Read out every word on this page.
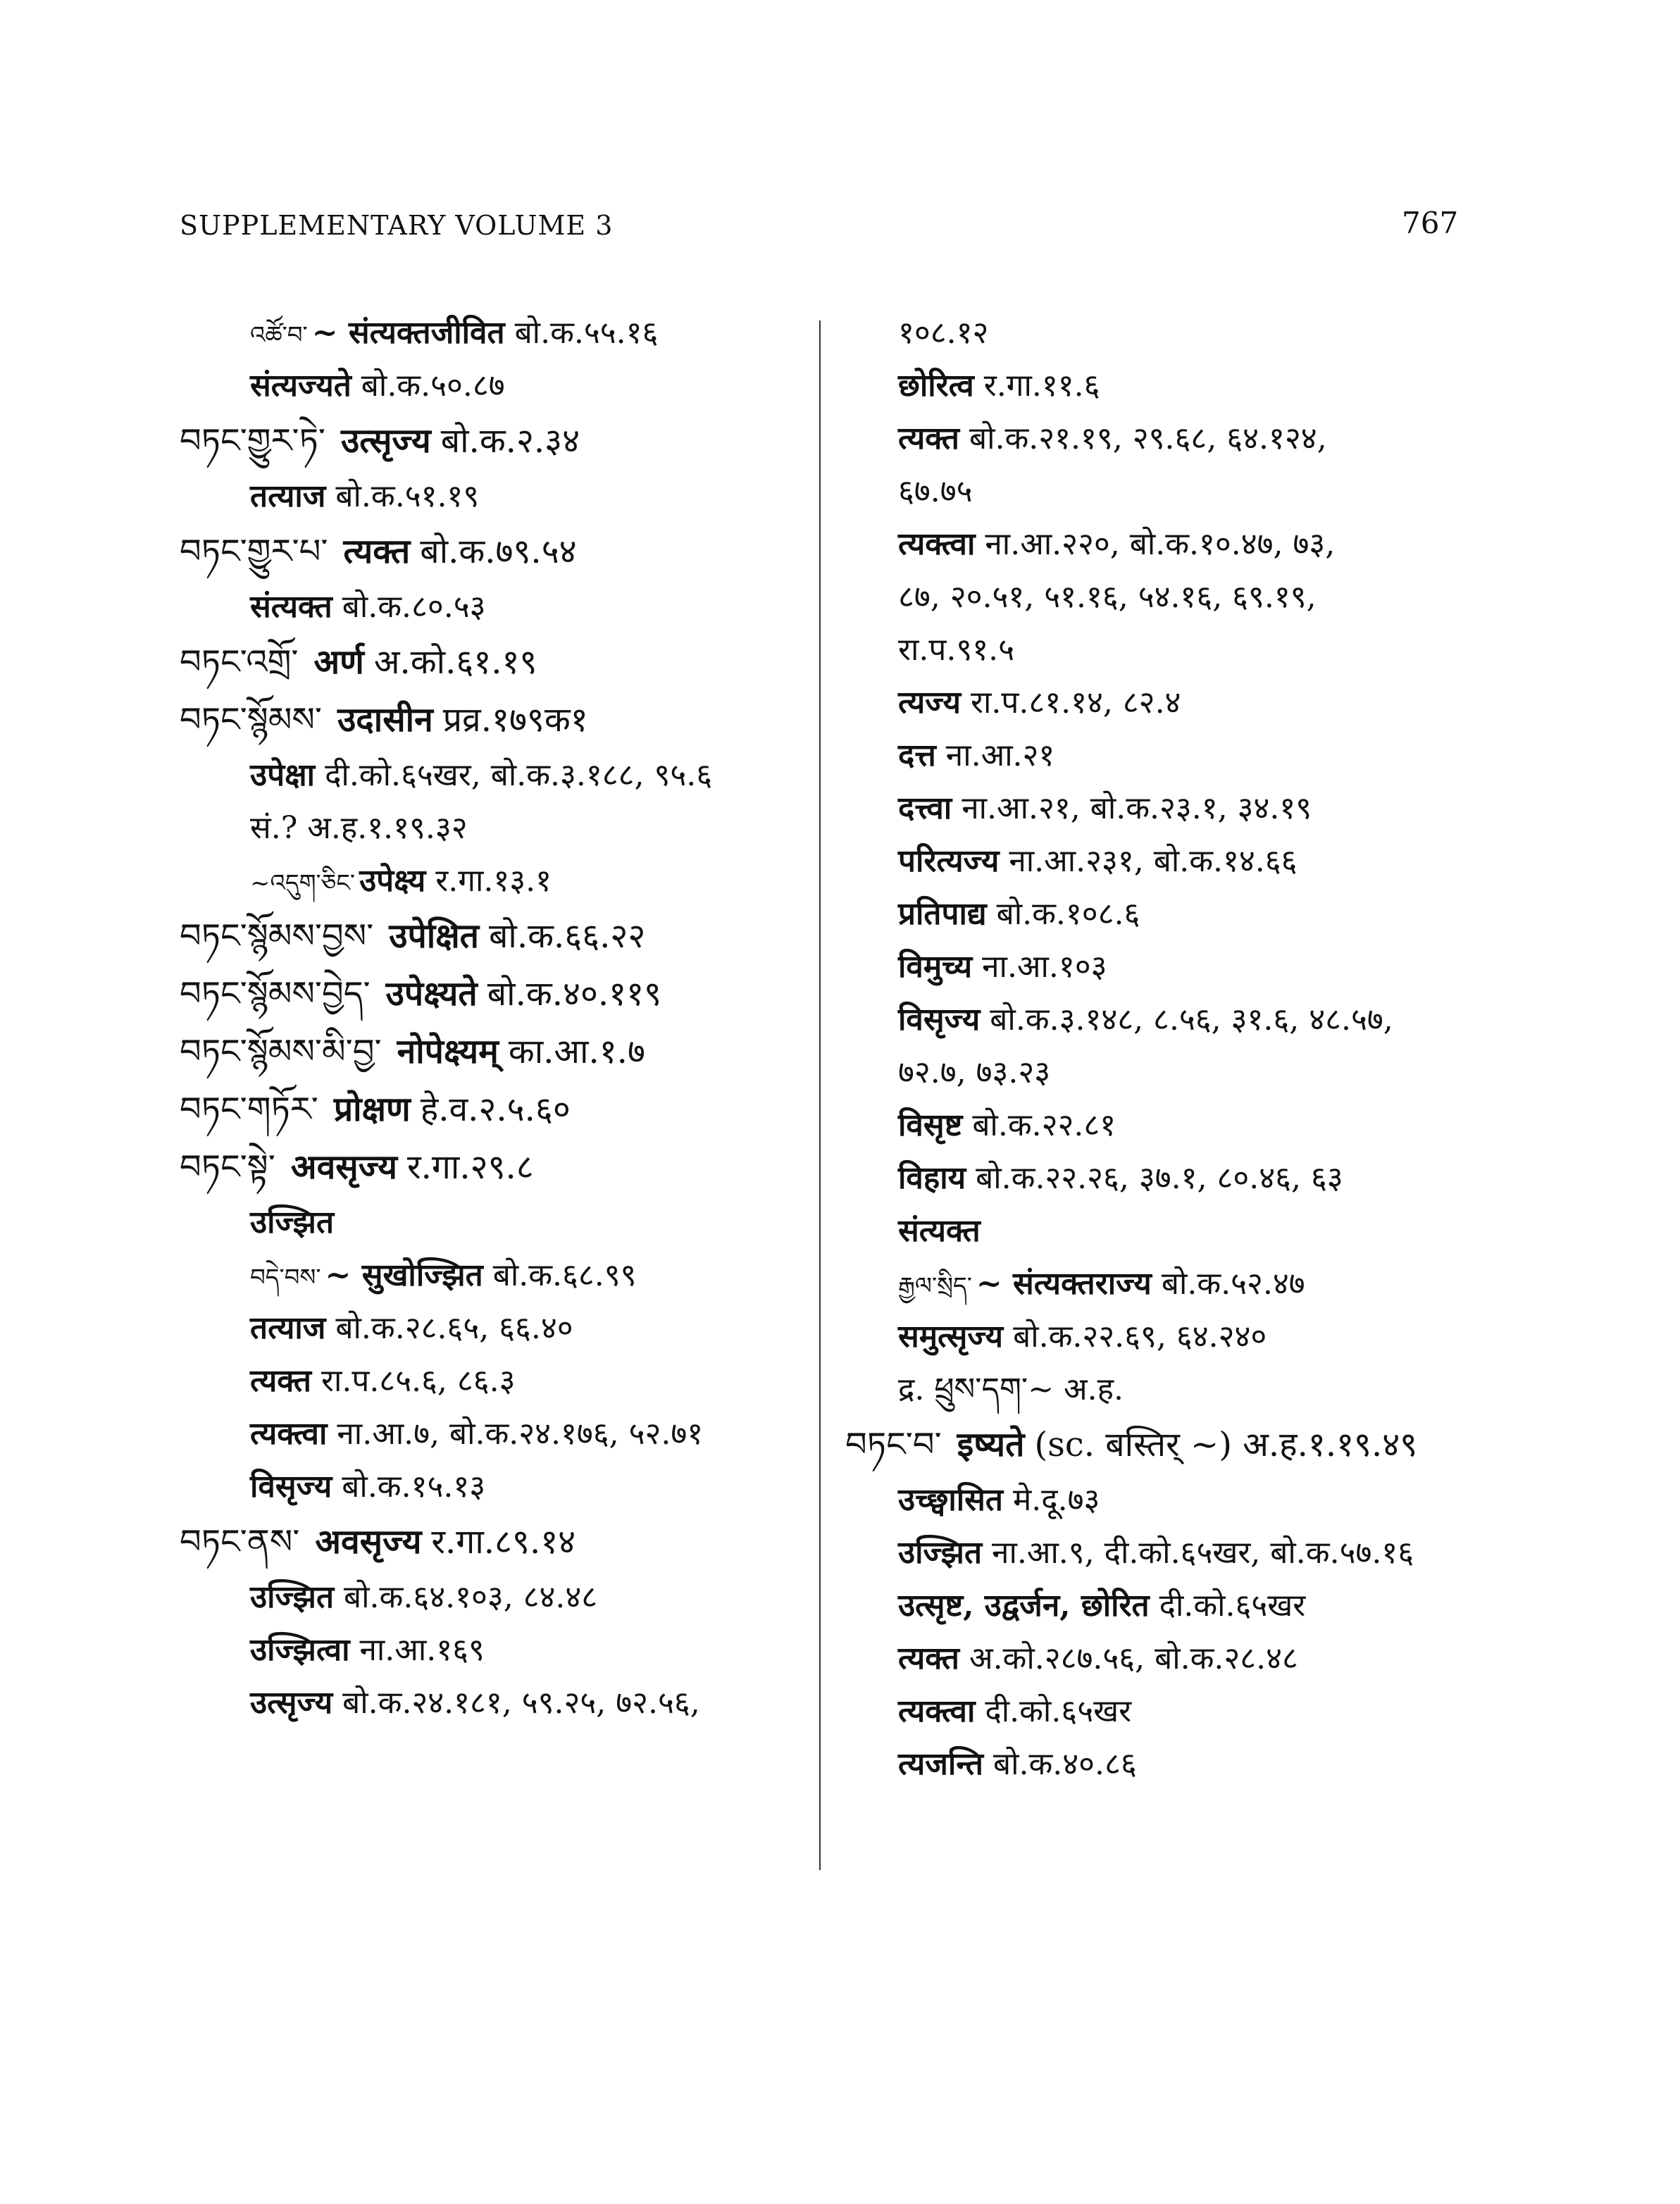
SUPPLEMENTARY VOLUME 3	767
འཚོ་བ་ ~ संत्यक्तजीवित बो.क.५५.१६
संत्यज्यते बो.क.५०.८७
བཏང་གྱུར་ཏེ་ उत्सृज्य बो.क.२.३४
तत्याज बो.क.५१.१९
བཏང་གྱུར་པ་ त्यक्त बो.क.७९.५४
संत्यक्त बो.क.८०.५३
བཏང་འགྲོ་ अर्ण अ.को.६१.१९
བཏང་སྙོམས་ उदासीन प्रव्र.१७९क१
उपेक्षा दी.को.६५खर, बो.क.३.१८८, ९५.६
सं.? अ.ह.१.१९.३२
~འདུག་ཅིང་ उपेक्ष्य र.गा.१३.१
བཏང་སྙོམས་བྱས་ उपेक्षित बो.क.६६.२२
བཏང་སྙོམས་བྱེད་ उपेक्ष्यते बो.क.४०.११९
བཏང་སྙོམས་མི་བྱ་ नोपेक्ष्यम् का.आ.१.७
བཏང་གཏོར་ प्रोक्षण हे.व.२.५.६०
བཏང་སྟེ་ अवसृज्य र.गा.२९.८
उज्झित
བདེ་བས་ ~ सुखोज्झित बो.क.६८.९९
तत्याज बो.क.२८.६५, ६६.४०
त्यक्त रा.प.८५.६, ८६.३
त्यक्त्वा ना.आ.७, बो.क.२४.१७६, ५२.७१
विसृज्य बो.क.१५.१३
བཏང་ནས་ अवसृज्य र.गा.८९.१४
उज्झित बो.क.६४.१०३, ८४.४८
उज्झित्वा ना.आ.१६९
उत्सृज्य बो.क.२४.१८१, ५९.२५, ७२.५६,
१०८.१२
छोरित्व र.गा.११.६
त्यक्त बो.क.२१.१९, २९.६८, ६४.१२४,
६७.७५
त्यक्त्वा ना.आ.२२०, बो.क.१०.४७, ७३,
८७, २०.५१, ५१.१६, ५४.१६, ६९.१९,
रा.प.९१.५
त्यज्य रा.प.८१.१४, ८२.४
दत्त ना.आ.२१
दत्त्वा ना.आ.२१, बो.क.२३.१, ३४.१९
परित्यज्य ना.आ.२३१, बो.क.१४.६६
प्रतिपाद्य बो.क.१०८.६
विमुच्य ना.आ.१०३
विसृज्य बो.क.३.१४८, ८.५६, ३१.६, ४८.५७,
७२.७, ७३.२३
विसृष्ट बो.क.२२.८१
विहाय बो.क.२२.२६, ३७.१, ८०.४६, ६३
संत्यक्त
རྒྱལ་སྲིད་ ~ संत्यक्तराज्य बो.क.५२.४७
समुत्सृज्य बो.क.२२.६९, ६४.२४०
द्र. ཕྲུས་དག་~ अ.ह.
བཏང་བ་ इष्यते (sc. बस्तिर् ~) अ.ह.१.१९.४९
उच्छ्वासित मे.दू.७३
उज्झित ना.आ.९, दी.को.६५खर, बो.क.५७.१६
उत्सृष्ट, उद्वर्जन, छोरित दी.को.६५खर
त्यक्त अ.को.२८७.५६, बो.क.२८.४८
त्यक्त्वा दी.को.६५खर
त्यजन्ति बो.क.४०.८६
